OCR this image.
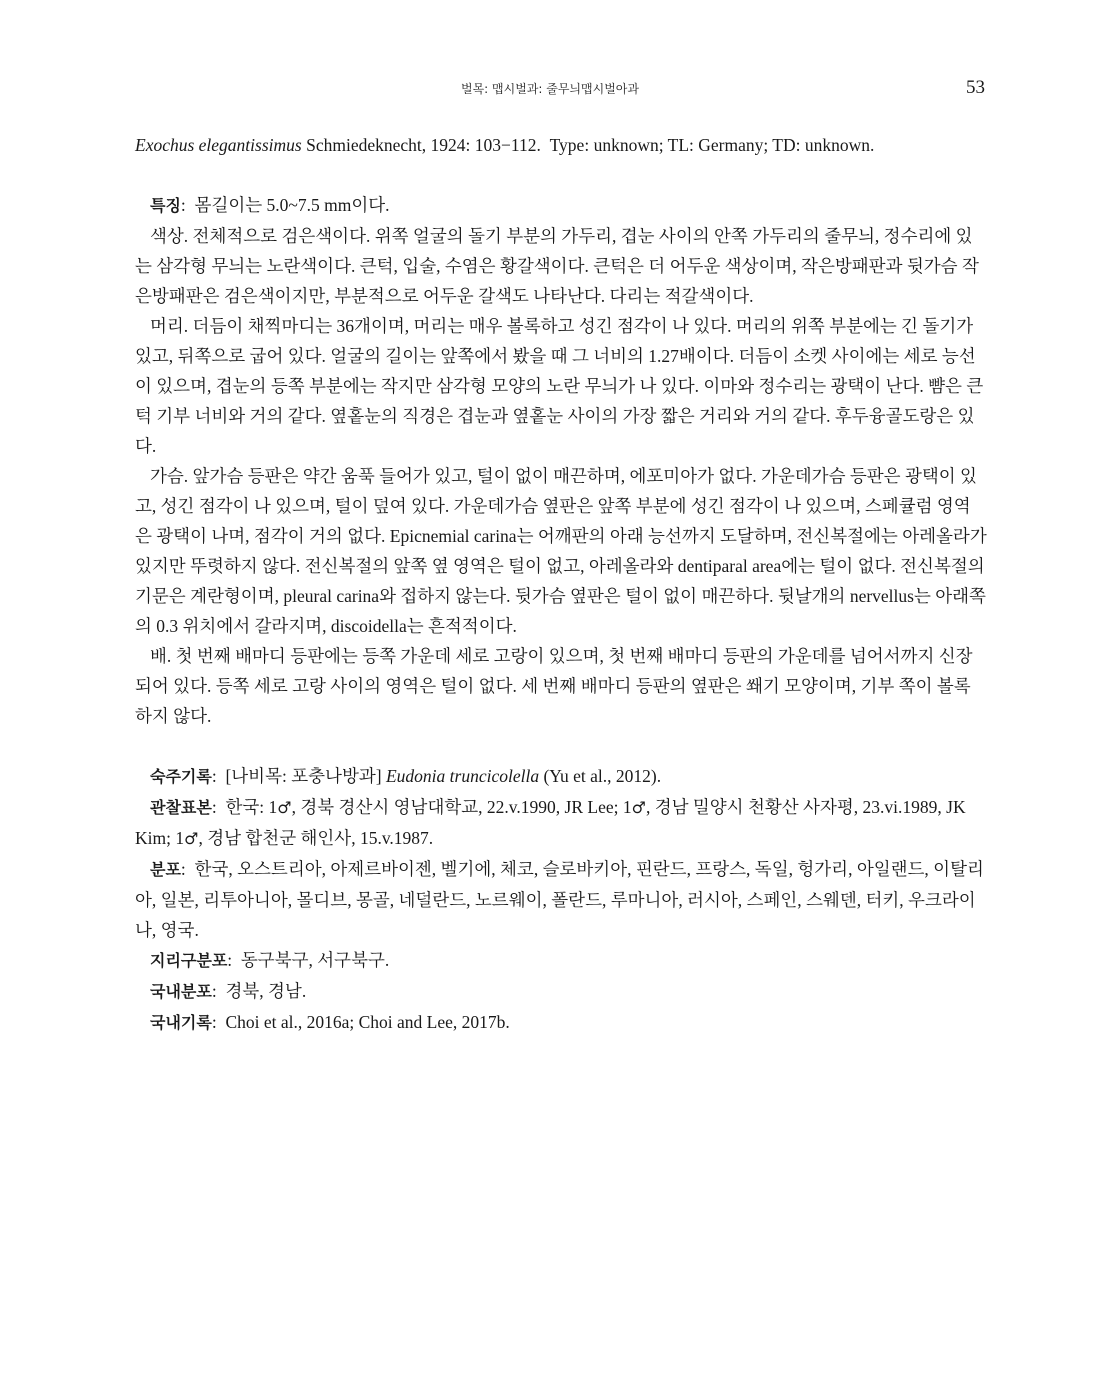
벌목: 맵시벌과: 줄무늬맵시벌아과	53

Exochus elegantissimus Schmiedeknecht, 1924: 103−112. Type: unknown; TL: Germany; TD: unknown.

특징:  몸길이는 5.0~7.5 mm이다.

색상. 전체적으로 검은색이다. 위쪽 얼굴의 돌기 부분의 가두리, 겹눈 사이의 안쪽 가두리의 줄무늬, 정수리에 있는 삼각형 무늬는 노란색이다. 큰턱, 입술, 수염은 황갈색이다. 큰턱은 더 어두운 색상이며, 작은방패판과 뒷가슴 작은방패판은 검은색이지만, 부분적으로 어두운 갈색도 나타난다. 다리는 적갈색이다.

머리. 더듬이 채찍마디는 36개이며, 머리는 매우 볼록하고 성긴 점각이 나 있다. 머리의 위쪽 부분에는 긴 돌기가 있고, 뒤쪽으로 굽어 있다. 얼굴의 길이는 앞쪽에서 봤을 때 그 너비의 1.27배이다. 더듬이 소켓 사이에는 세로 능선이 있으며, 겹눈의 등쪽 부분에는 작지만 삼각형 모양의 노란 무늬가 나 있다. 이마와 정수리는 광택이 난다. 뺨은 큰턱 기부 너비와 거의 같다. 옆홑눈의 직경은 겹눈과 옆홑눈 사이의 가장 짧은 거리와 거의 같다. 후두융골도랑은 있다.

가슴. 앞가슴 등판은 약간 움푹 들어가 있고, 털이 없이 매끈하며, 에포미아가 없다. 가운데가슴 등판은 광택이 있고, 성긴 점각이 나 있으며, 털이 덮여 있다. 가운데가슴 옆판은 앞쪽 부분에 성긴 점각이 나 있으며, 스페큘럼 영역은 광택이 나며, 점각이 거의 없다. Epicnemial carina는 어깨판의 아래 능선까지 도달하며, 전신복절에는 아레올라가 있지만 뚜렷하지 않다. 전신복절의 앞쪽 옆 영역은 털이 없고, 아레올라와 dentiparal area에는 털이 없다. 전신복절의 기문은 계란형이며, pleural carina와 접하지 않는다. 뒷가슴 옆판은 털이 없이 매끈하다. 뒷날개의 nervellus는 아래쪽의 0.3 위치에서 갈라지며, discoidella는 흔적적이다.

배. 첫 번째 배마디 등판에는 등쪽 가운데 세로 고랑이 있으며, 첫 번째 배마디 등판의 가운데를 넘어서까지 신장되어 있다. 등쪽 세로 고랑 사이의 영역은 털이 없다. 세 번째 배마디 등판의 옆판은 쐐기 모양이며, 기부 쪽이 볼록하지 않다.

숙주기록:  [나비목: 포충나방과] Eudonia truncicolella (Yu et al., 2012).

관찰표본:  한국: 1♂, 경북 경산시 영남대학교, 22.v.1990, JR Lee; 1♂, 경남 밀양시 천황산 사자평, 23.vi.1989, JK Kim; 1♂, 경남 합천군 해인사, 15.v.1987.

분포:  한국, 오스트리아, 아제르바이젠, 벨기에, 체코, 슬로바키아, 핀란드, 프랑스, 독일, 헝가리, 아일랜드, 이탈리아, 일본, 리투아니아, 몰디브, 몽골, 네덜란드, 노르웨이, 폴란드, 루마니아, 러시아, 스페인, 스웨덴, 터키, 우크라이나, 영국.

지리구분포:  동구북구, 서구북구.

국내분포:  경북, 경남.

국내기록:  Choi et al., 2016a; Choi and Lee, 2017b.
